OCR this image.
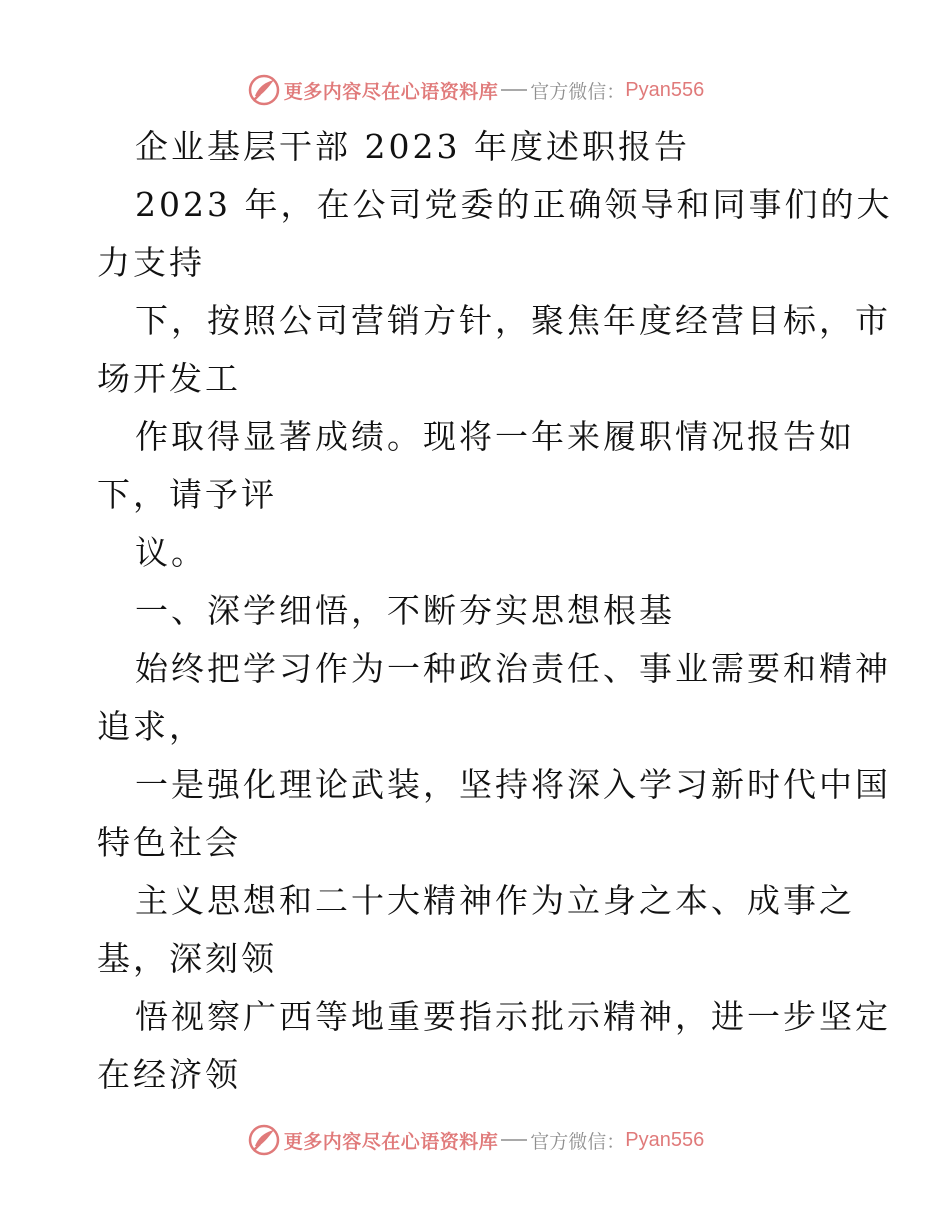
更多内容尽在心语资料库 官方微信： Pyan556
企业基层干部 2023 年度述职报告
2023 年，在公司党委的正确领导和同事们的大
力支持
下，按照公司营销方针，聚焦年度经营目标，市
场开发工
作取得显著成绩。现将一年来履职情况报告如
下，请予评
议。
一、深学细悟，不断夯实思想根基
始终把学习作为一种政治责任、事业需要和精神
追求，
一是强化理论武装，坚持将深入学习新时代中国
特色社会
主义思想和二十大精神作为立身之本、成事之
基，深刻领
悟视察广西等地重要指示批示精神，进一步坚定
在经济领
更多内容尽在心语资料库 官方微信： Pyan556
